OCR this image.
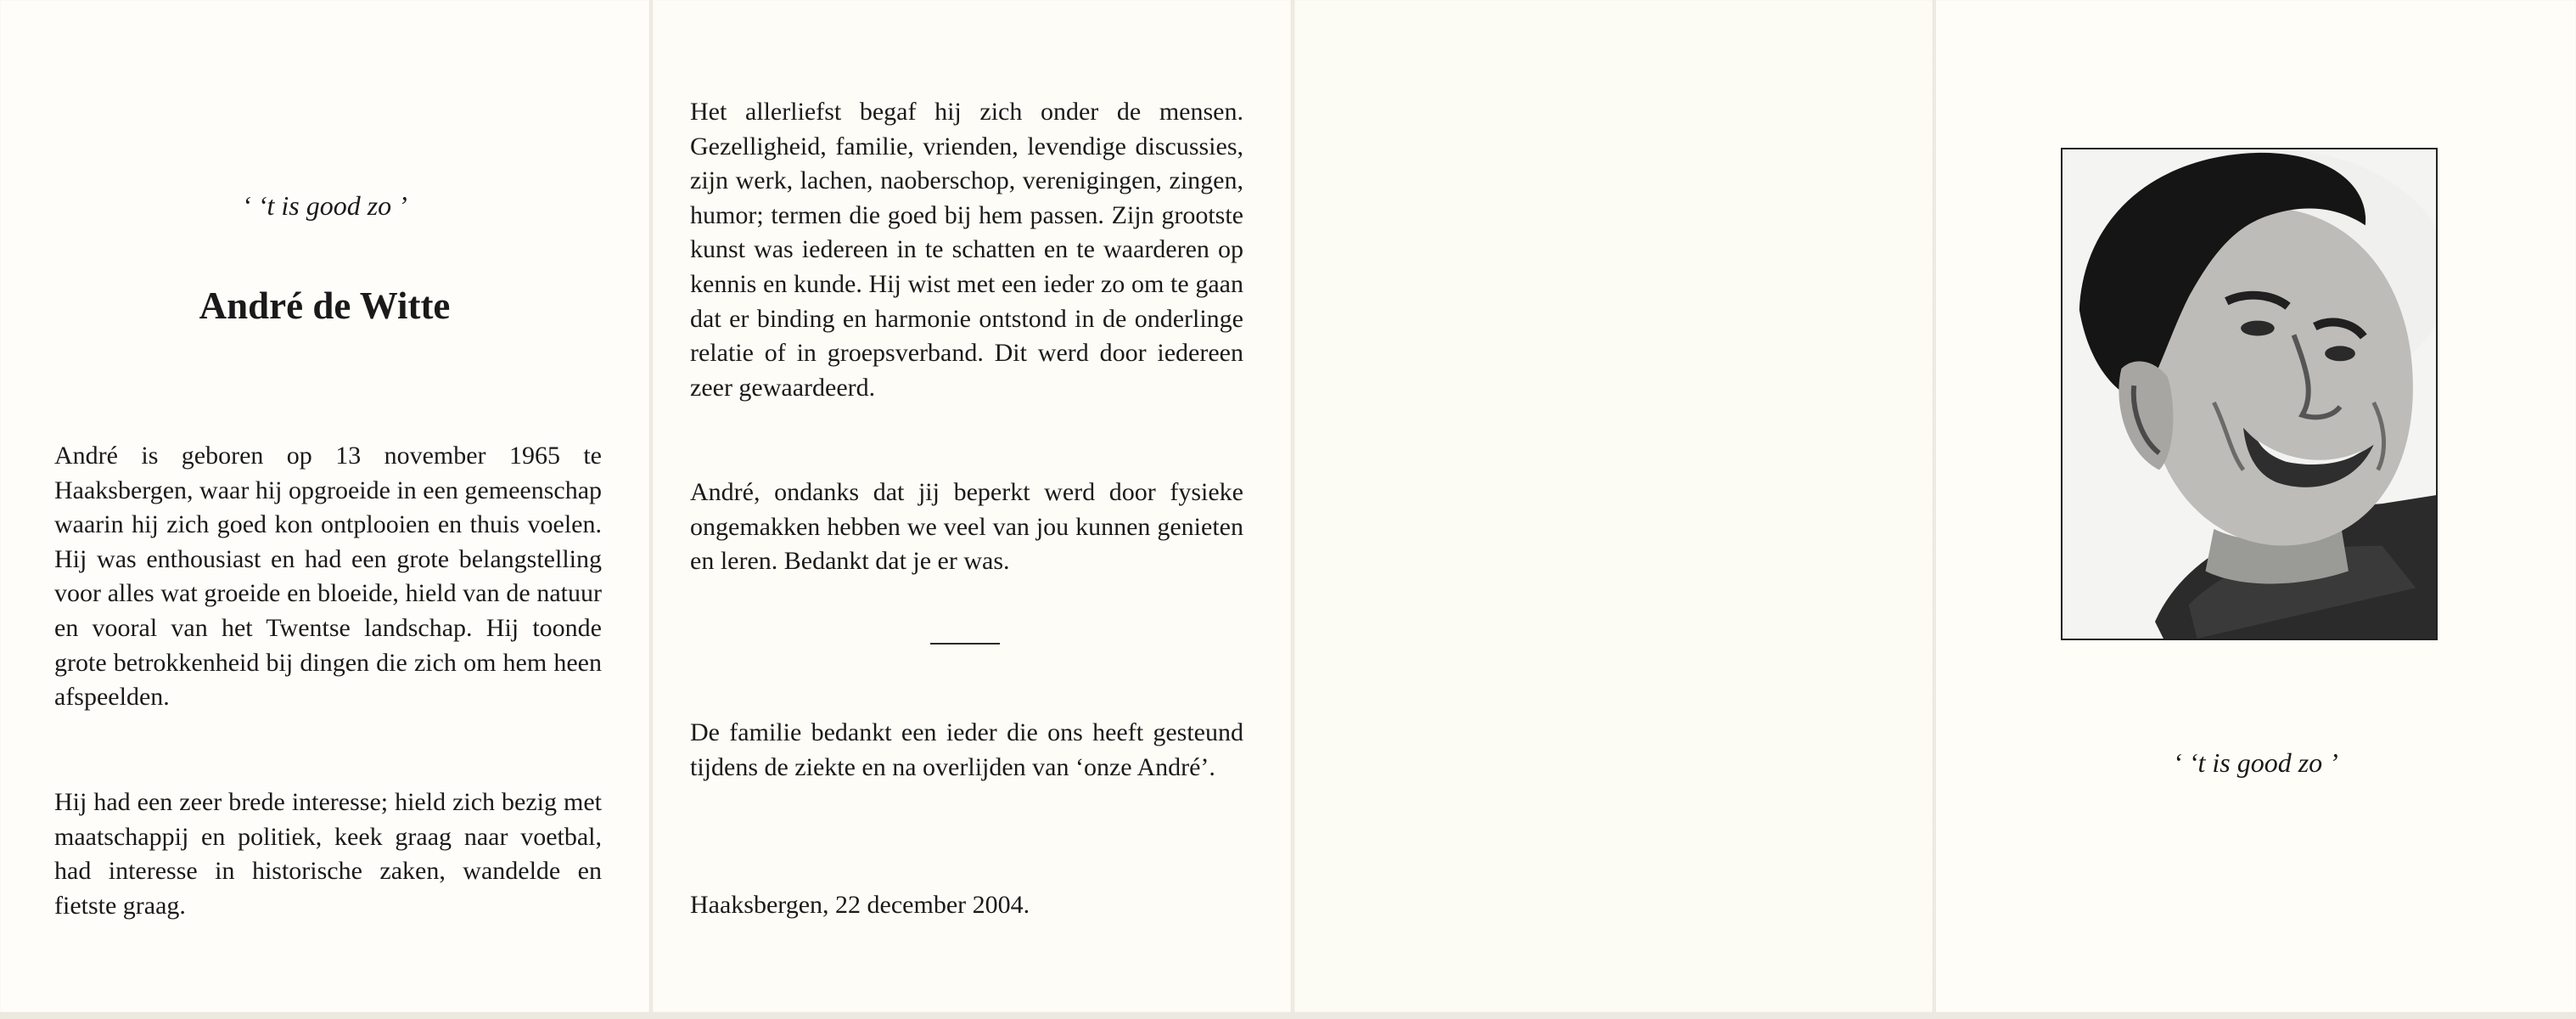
‘ ‘t is good zo ’
André de Witte

André is geboren op 13 november 1965 te Haaksbergen, waar hij opgroeide in een gemeenschap waarin hij zich goed kon ontplooien en thuis voelen. Hij was enthousiast en had een grote belangstelling voor alles wat groeide en bloeide, hield van de natuur en vooral van het Twentse landschap. Hij toonde grote betrokkenheid bij dingen die zich om hem heen afspeelden.

Hij had een zeer brede interesse; hield zich bezig met maatschappij en politiek, keek graag naar voetbal, had interesse in historische zaken, wandelde en fietste graag.

Het allerliefst begaf hij zich onder de mensen. Gezelligheid, familie, vrienden, levendige discussies, zijn werk, lachen, naoberschop, verenigingen, zingen, humor; termen die goed bij hem passen. Zijn grootste kunst was iedereen in te schatten en te waarderen op kennis en kunde. Hij wist met een ieder zo om te gaan dat er binding en harmonie ontstond in de onderlinge relatie of in groepsverband. Dit werd door iedereen zeer gewaardeerd.

André, ondanks dat jij beperkt werd door fysieke ongemakken hebben we veel van jou kunnen genieten en leren. Bedankt dat je er was.

De familie bedankt een ieder die ons heeft gesteund tijdens de ziekte en na overlijden van ‘onze André’.

Haaksbergen, 22 december 2004.

‘ ‘t is good zo ’
